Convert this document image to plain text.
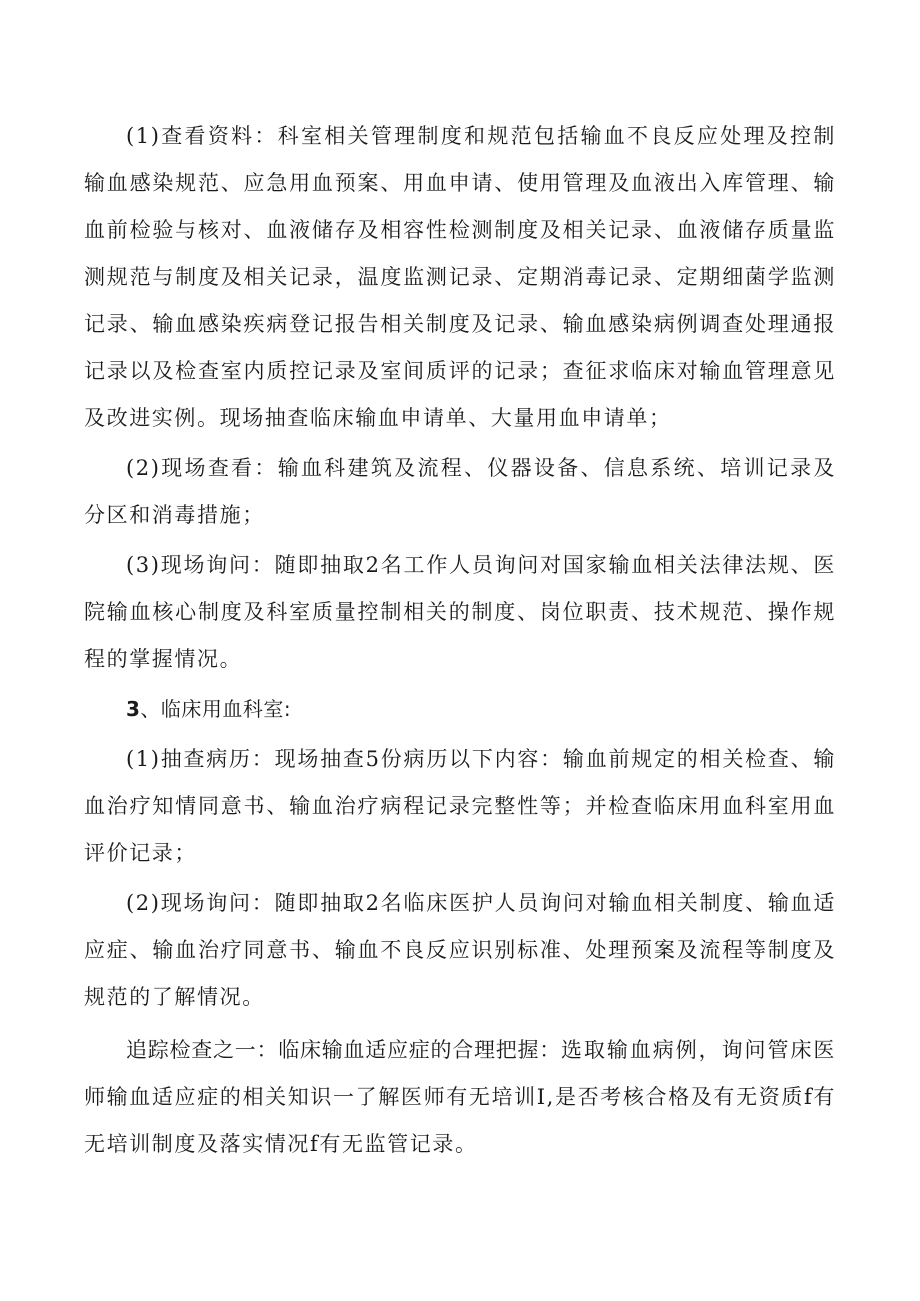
(1)查看资料：科室相关管理制度和规范包括输血不良反应处理及控制输血感染规范、应急用血预案、用血申请、使用管理及血液出入库管理、输血前检验与核对、血液储存及相容性检测制度及相关记录、血液储存质量监测规范与制度及相关记录，温度监测记录、定期消毒记录、定期细菌学监测记录、输血感染疾病登记报告相关制度及记录、输血感染病例调查处理通报记录以及检查室内质控记录及室间质评的记录；查征求临床对输血管理意见及改进实例。现场抽查临床输血申请单、大量用血申请单；

(2)现场查看：输血科建筑及流程、仪器设备、信息系统、培训记录及分区和消毒措施；

(3)现场询问：随即抽取2名工作人员询问对国家输血相关法律法规、医院输血核心制度及科室质量控制相关的制度、岗位职责、技术规范、操作规程的掌握情况。

3、临床用血科室:

(1)抽查病历：现场抽查5份病历以下内容：输血前规定的相关检查、输血治疗知情同意书、输血治疗病程记录完整性等；并检查临床用血科室用血评价记录；

(2)现场询问：随即抽取2名临床医护人员询问对输血相关制度、输血适应症、输血治疗同意书、输血不良反应识别标准、处理预案及流程等制度及规范的了解情况。

追踪检查之一：临床输血适应症的合理把握：选取输血病例，询问管床医师输血适应症的相关知识一了解医师有无培训I,是否考核合格及有无资质f有无培训制度及落实情况f有无监管记录。
